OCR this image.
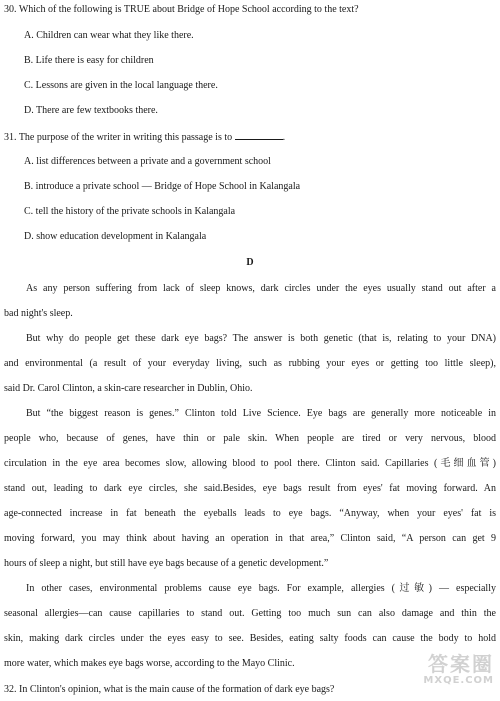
30. Which of the following is TRUE about Bridge of Hope School according to the text?
A. Children can wear what they like there.
B. Life there is easy for children
C. Lessons are given in the local language there.
D. There are few textbooks there.
31. The purpose of the writer in writing this passage is to	.
A. list differences between a private and a government school
B. introduce a private school — Bridge of Hope School in Kalangala
C. tell the history of the private schools in Kalangala
D. show education development in Kalangala
D

As any person suffering from lack of sleep knows, dark circles under the eyes usually stand out after a

bad night's sleep.

But why do people get these dark eye bags? The answer is both genetic (that is, relating to your DNA)

and environmental (a result of your everyday living, such as rubbing your eyes or getting too little sleep),

said Dr. Carol Clinton, a skin-care researcher in Dublin, Ohio.

But “the biggest reason is genes.” Clinton told Live Science. Eye bags are generally more noticeable in

people who, because of genes, have thin or pale skin. When people are tired or very nervous, blood

circulation in the eye area becomes slow, allowing blood to pool there. Clinton said. Capillaries (毛细血管)

stand out, leading to dark eye circles, she said.Besides, eye bags result from eyes' fat moving forward. An

age-connected increase in fat beneath the eyeballs leads to eye bags. “Anyway, when your eyes' fat is

moving forward, you may think about having an operation in that area,” Clinton said, “A person can get 9

hours of sleep a night, but still have eye bags because of a genetic development.”

In other cases, environmental problems cause eye bags. For example, allergies (过敏) — especially

seasonal allergies—can cause capillaries to stand out. Getting too much sun can also damage and thin the

skin, making dark circles under the eyes easy to see. Besides, eating salty foods can cause the body to hold

more water, which makes eye bags worse, according to the Mayo Clinic.

32. In Clinton's opinion, what is the main cause of the formation of dark eye bags?
答案圈
MXQE.COM
